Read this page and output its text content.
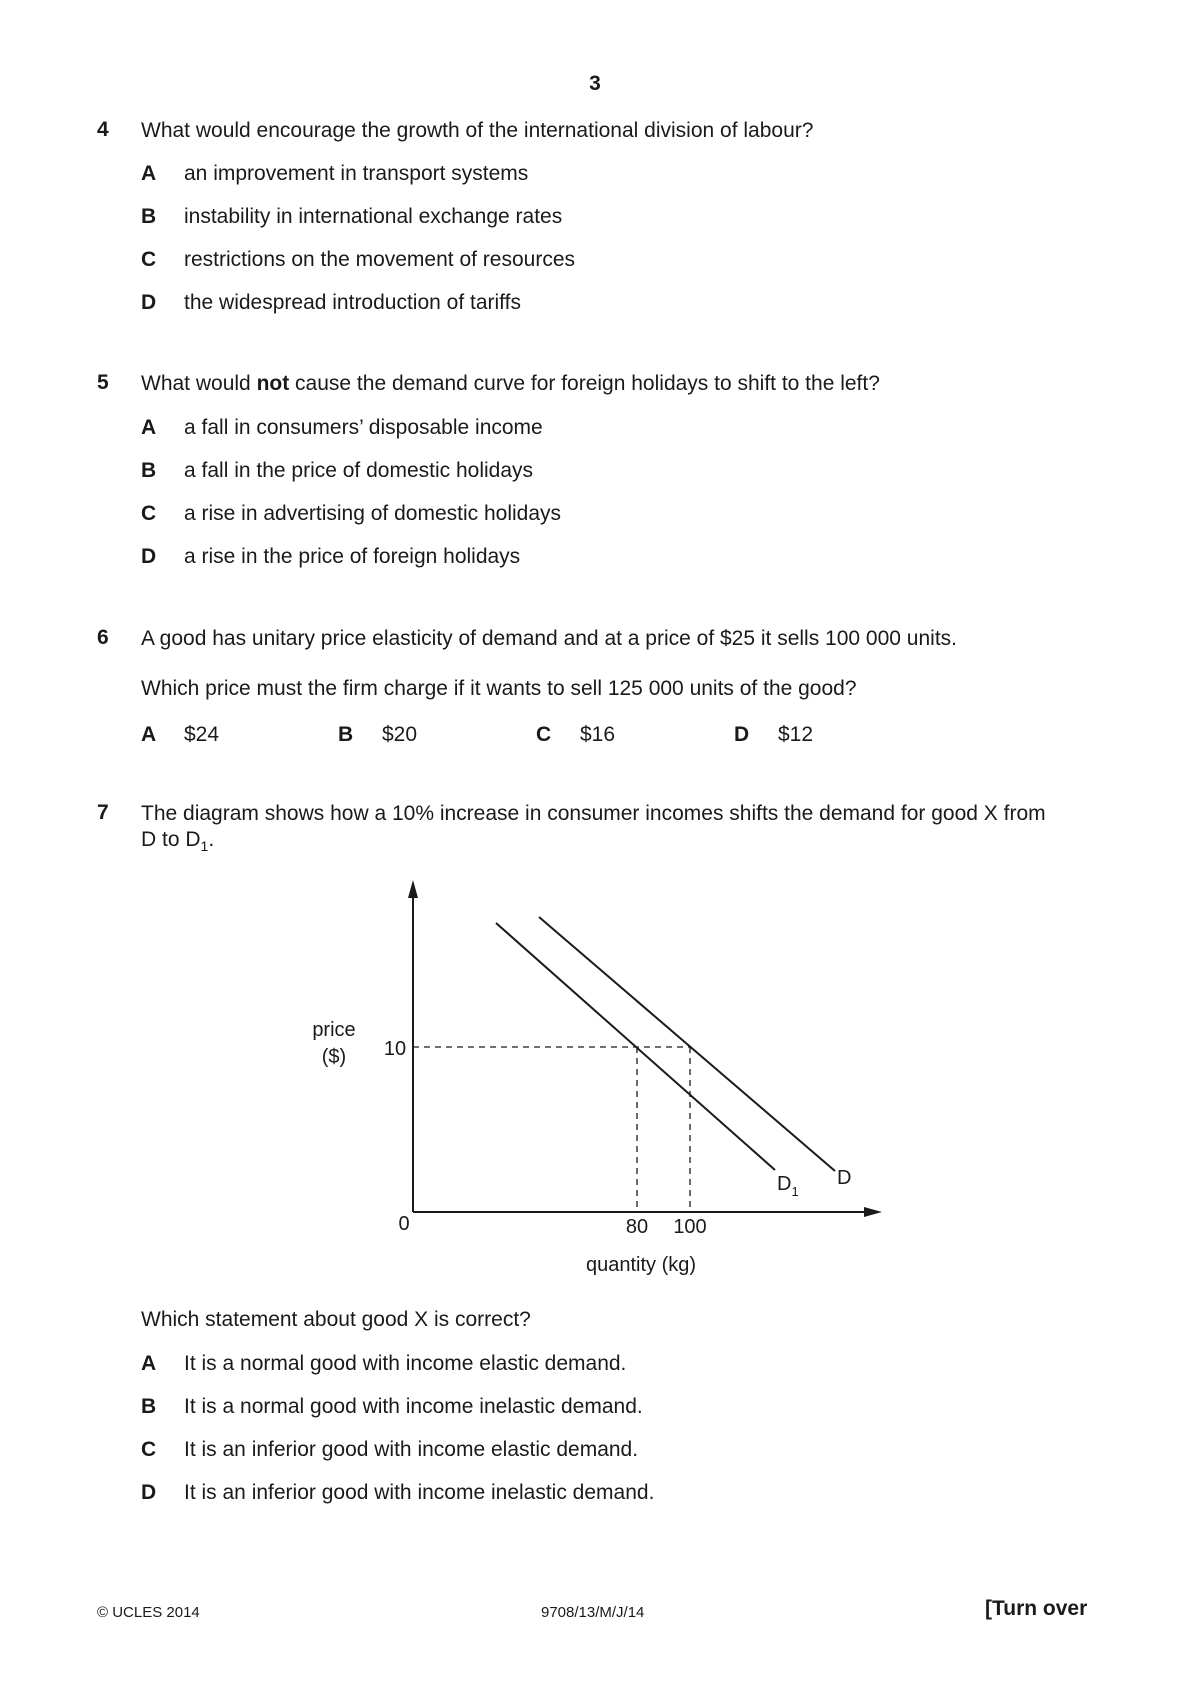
3
4 What would encourage the growth of the international division of labour?
A an improvement in transport systems
B instability in international exchange rates
C restrictions on the movement of resources
D the widespread introduction of tariffs
5 What would not cause the demand curve for foreign holidays to shift to the left?
A a fall in consumers’ disposable income
B a fall in the price of domestic holidays
C a rise in advertising of domestic holidays
D a rise in the price of foreign holidays
6 A good has unitary price elasticity of demand and at a price of $25 it sells 100 000 units.
Which price must the firm charge if it wants to sell 125 000 units of the good?
A $24	B $20	C $16	D $12
7 The diagram shows how a 10% increase in consumer incomes shifts the demand for good X from
D to $D_1$.
price
($) 10
0	80 100
quantity (kg)
$D_1$
D
Which statement about good X is correct?
A It is a normal good with income elastic demand.
B It is a normal good with income inelastic demand.
C It is an inferior good with income elastic demand.
D It is an inferior good with income inelastic demand.
© UCLES 2014	9708/13/M/J/14	[Turn over
